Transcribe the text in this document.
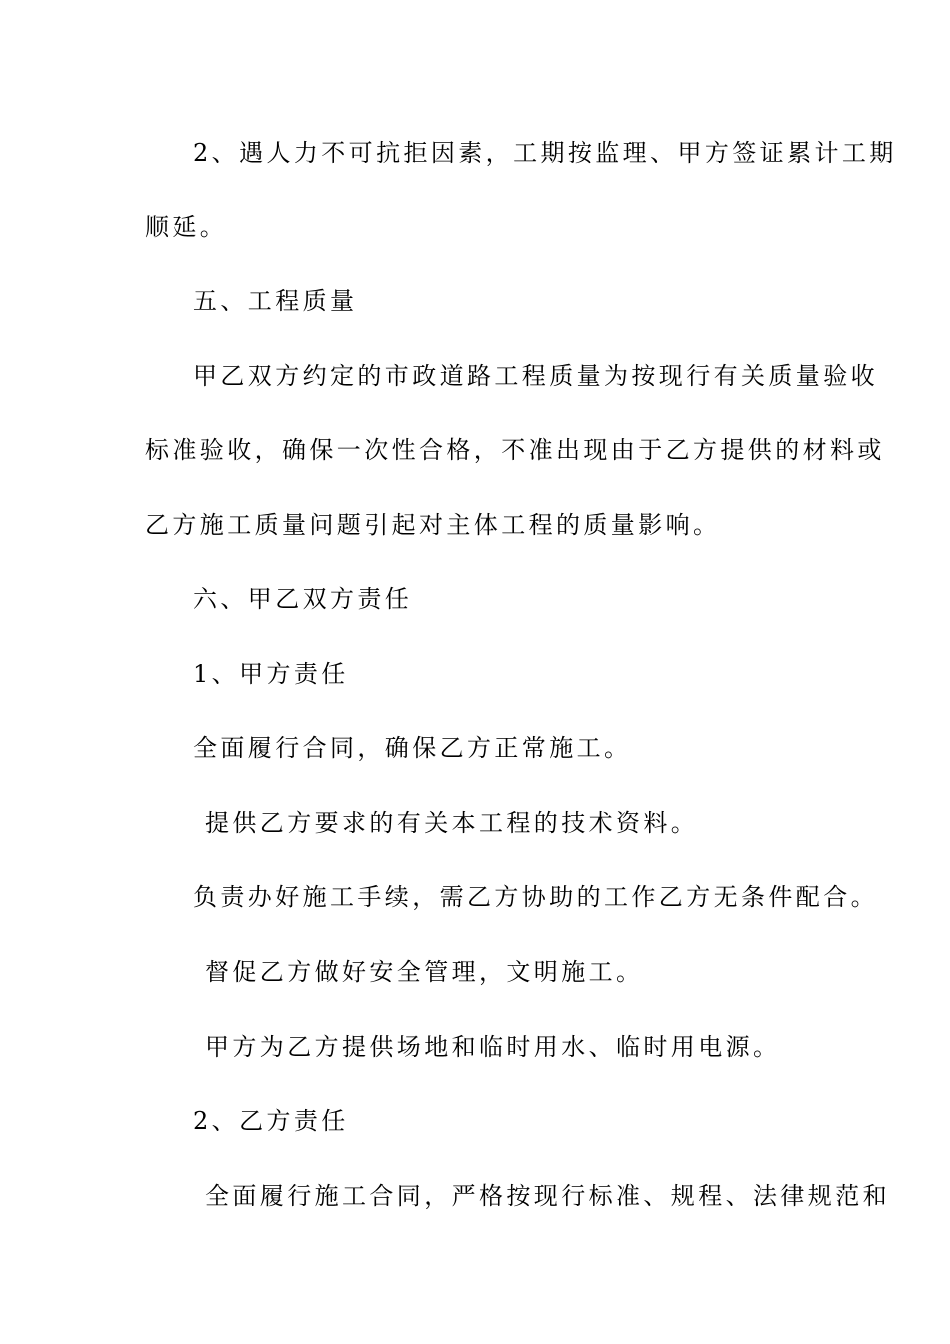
2、遇人力不可抗拒因素，工期按监理、甲方签证累计工期
顺延。
五、工程质量
甲乙双方约定的市政道路工程质量为按现行有关质量验收
标准验收，确保一次性合格，不准出现由于乙方提供的材料或
乙方施工质量问题引起对主体工程的质量影响。
六、甲乙双方责任
1、甲方责任
全面履行合同，确保乙方正常施工。
提供乙方要求的有关本工程的技术资料。
负责办好施工手续，需乙方协助的工作乙方无条件配合。
督促乙方做好安全管理，文明施工。
甲方为乙方提供场地和临时用水、临时用电源。
2、乙方责任
全面履行施工合同，严格按现行标准、规程、法律规范和
